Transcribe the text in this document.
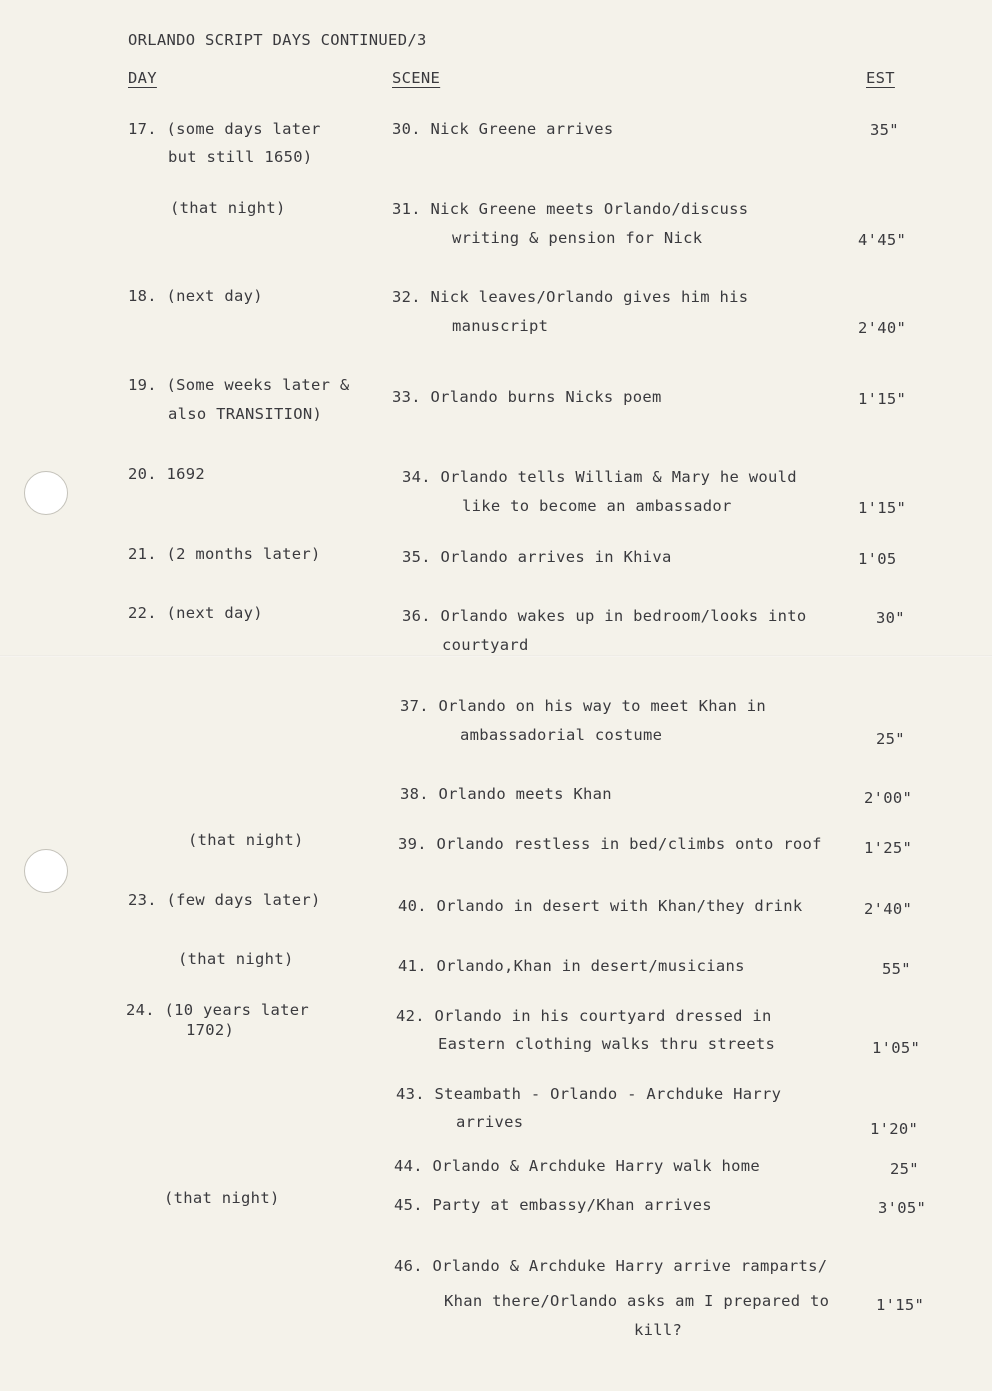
ORLANDO SCRIPT DAYS CONTINUED/3
DAY	SCENE	EST
17. (some days later
but still 1650)
(that night)
18. (next day)
19. (Some weeks later &
also TRANSITION)
20. 1692
21. (2 months later)
22. (next day)
(that night)
23. (few days later)
(that night)
24. (10 years later
1702)
(that night)
30. Nick Greene arrives
31. Nick Greene meets Orlando/discuss
writing & pension for Nick
32. Nick leaves/Orlando gives him his
manuscript
33. Orlando burns Nicks poem
34. Orlando tells William & Mary he would
like to become an ambassador
35. Orlando arrives in Khiva
36. Orlando wakes up in bedroom/looks into
courtyard
37. Orlando on his way to meet Khan in
ambassadorial costume
38. Orlando meets Khan
39. Orlando restless in bed/climbs onto roof
40. Orlando in desert with Khan/they drink
41. Orlando,Khan in desert/musicians
42. Orlando in his courtyard dressed in
Eastern clothing walks thru streets
43. Steambath - Orlando - Archduke Harry
arrives
44. Orlando & Archduke Harry walk home
45. Party at embassy/Khan arrives
46. Orlando & Archduke Harry arrive ramparts/
Khan there/Orlando asks am I prepared to
kill?
35"
4'45"
2'40"
1'15"
1'15"
1'05
30"
25"
2'00"
1'25"
2'40"
55"
1'05"
1'20"
25"
3'05"
1'15"
